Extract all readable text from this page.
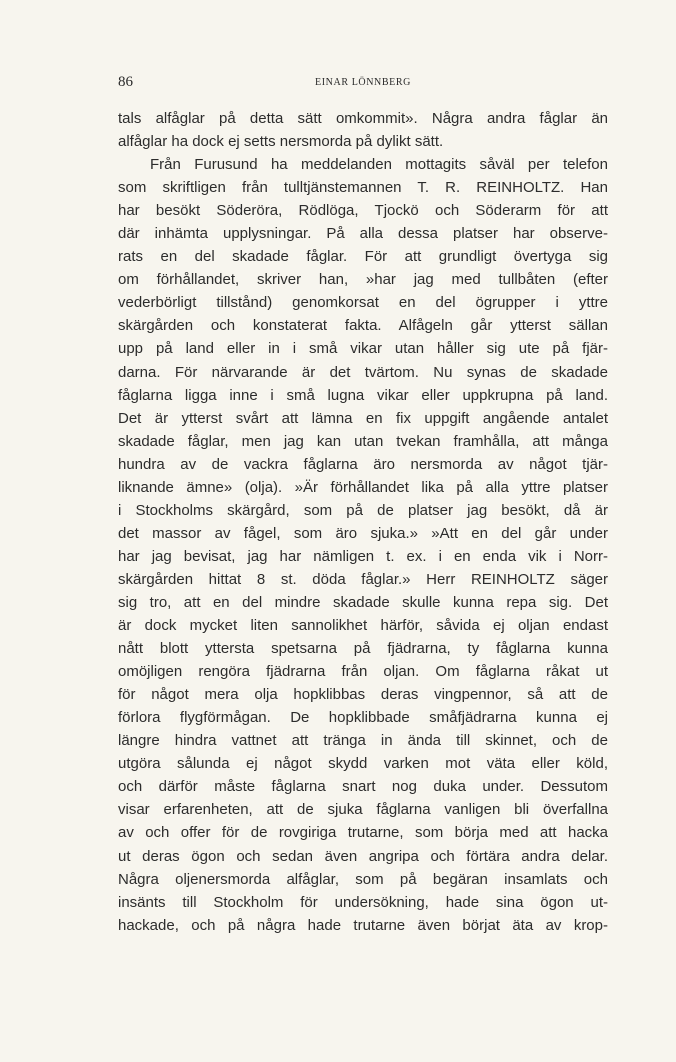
86	EINAR LÖNNBERG
tals alfåglar på detta sätt omkommit». Några andra fåglar än
alfåglar ha dock ej setts nersmorda på dylikt sätt.
Från Furusund ha meddelanden mottagits såväl per telefon
som skriftligen från tulltjänstemannen T. R. REINHOLTZ. Han
har besökt Söderöra, Rödlöga, Tjockö och Söderarm för att
där inhämta upplysningar. På alla dessa platser har observe-
rats en del skadade fåglar. För att grundligt övertyga sig
om förhållandet, skriver han, »har jag med tullbåten (efter
vederbörligt tillstånd) genomkorsat en del ögrupper i yttre
skärgården och konstaterat fakta. Alfågeln går ytterst sällan
upp på land eller in i små vikar utan håller sig ute på fjär-
darna. För närvarande är det tvärtom. Nu synas de skadade
fåglarna ligga inne i små lugna vikar eller uppkrupna på land.
Det är ytterst svårt att lämna en fix uppgift angående antalet
skadade fåglar, men jag kan utan tvekan framhålla, att många
hundra av de vackra fåglarna äro nersmorda av något tjär-
liknande ämne» (olja). »Är förhållandet lika på alla yttre platser
i Stockholms skärgård, som på de platser jag besökt, då är
det massor av fågel, som äro sjuka.» »Att en del går under
har jag bevisat, jag har nämligen t. ex. i en enda vik i Norr-
skärgården hittat 8 st. döda fåglar.» Herr REINHOLTZ säger
sig tro, att en del mindre skadade skulle kunna repa sig. Det
är dock mycket liten sannolikhet härför, såvida ej oljan endast
nått blott yttersta spetsarna på fjädrarna, ty fåglarna kunna
omöjligen rengöra fjädrarna från oljan. Om fåglarna råkat ut
för något mera olja hopklibbas deras vingpennor, så att de
förlora flygförmågan. De hopklibbade småfjädrarna kunna ej
längre hindra vattnet att tränga in ända till skinnet, och de
utgöra sålunda ej något skydd varken mot väta eller köld,
och därför måste fåglarna snart nog duka under. Dessutom
visar erfarenheten, att de sjuka fåglarna vanligen bli överfallna
av och offer för de rovgiriga trutarne, som börja med att hacka
ut deras ögon och sedan även angripa och förtära andra delar.
Några oljenersmorda alfåglar, som på begäran insamlats och
insänts till Stockholm för undersökning, hade sina ögon ut-
hackade, och på några hade trutarne även börjat äta av krop-
